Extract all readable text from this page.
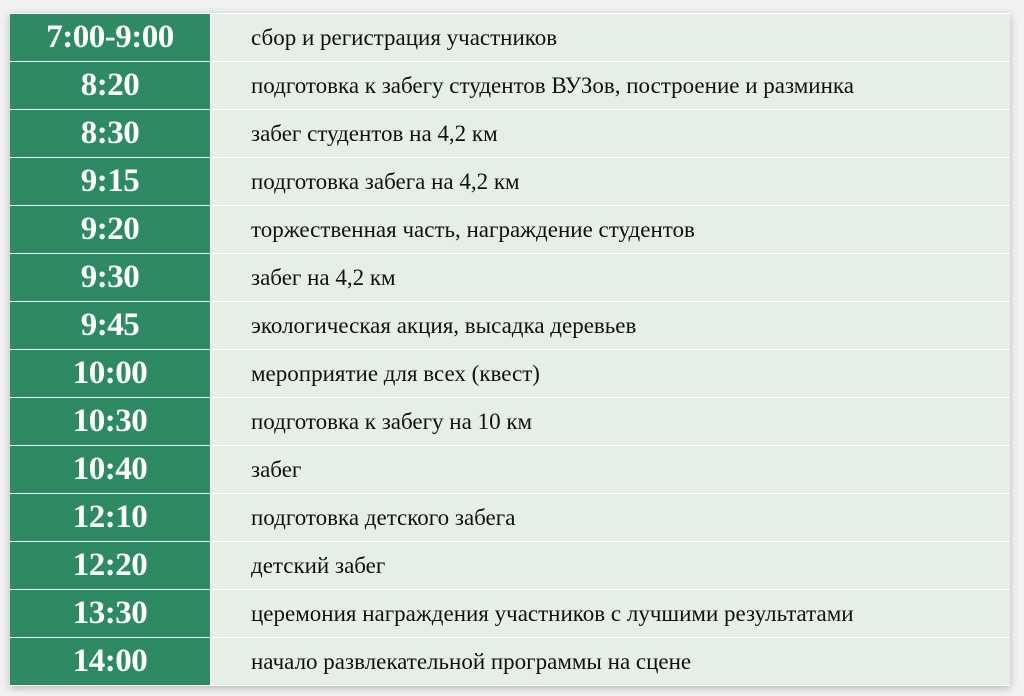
7:00-9:00	сбор и регистрация участников
8:20	подготовка к забегу студентов ВУЗов, построение и разминка
8:30	забег студентов на 4,2 км
9:15	подготовка забега на 4,2 км
9:20	торжественная часть, награждение студентов
9:30	забег на 4,2 км
9:45	экологическая акция, высадка деревьев
10:00	мероприятие для всех (квест)
10:30	подготовка к забегу на 10 км
10:40	забег
12:10	подготовка детского забега
12:20	детский забег
13:30	церемония награждения участников с лучшими результатами
14:00	начало развлекательной программы на сцене
